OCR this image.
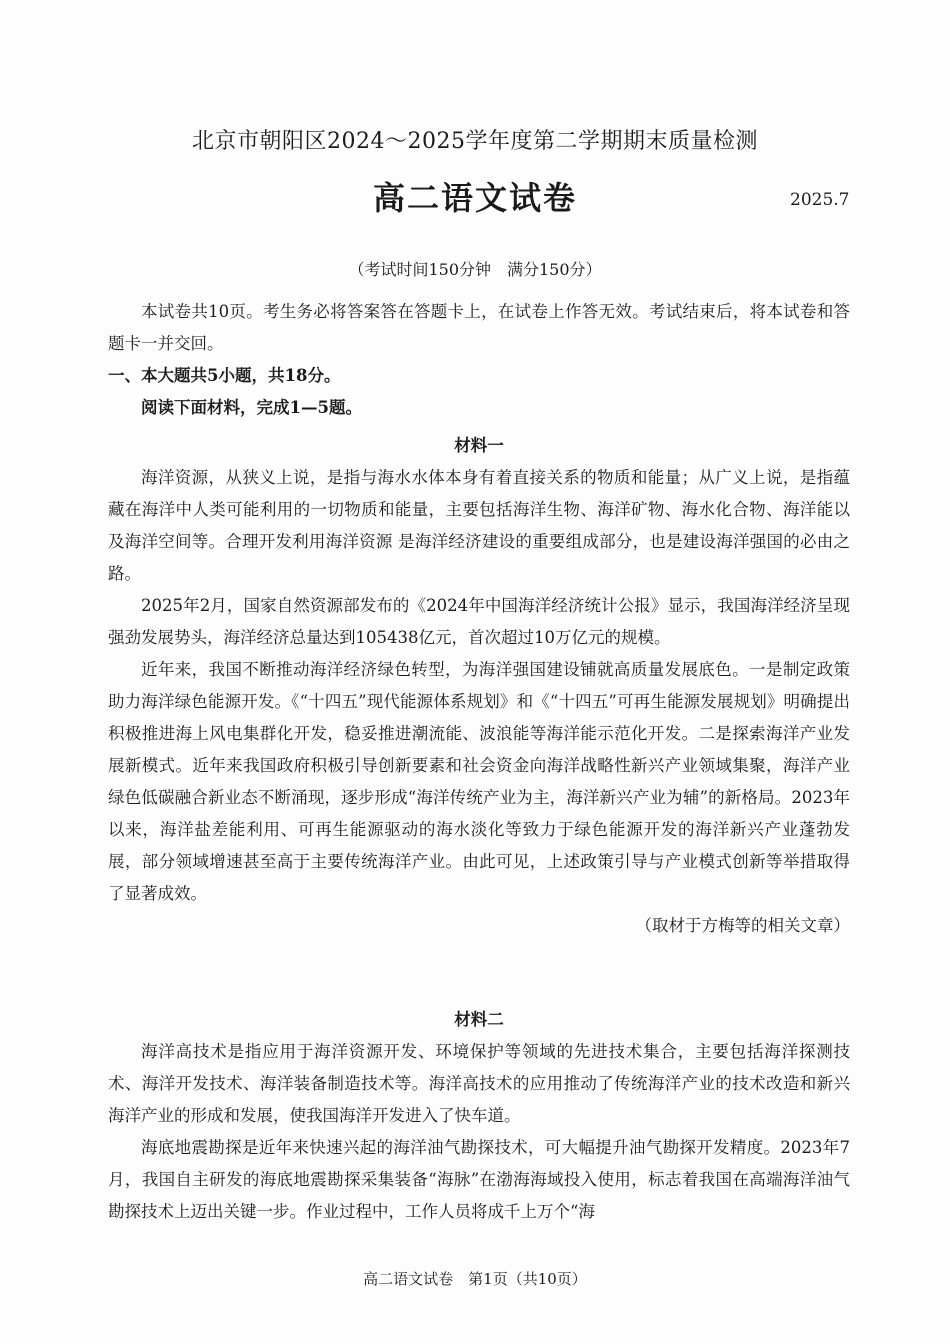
北京市朝阳区2024～2025学年度第二学期期末质量检测
高二语文试卷	2025.7
（考试时间150分钟　满分150分）

本试卷共10页。考生务必将答案答在答题卡上，在试卷上作答无效。考试结束后，将本试卷和答题卡一并交回。

一、本大题共5小题，共18分。

阅读下面材料，完成1—5题。

材料一

海洋资源，从狭义上说，是指与海水水体本身有着直接关系的物质和能量；从广义上说，是指蕴藏在海洋中人类可能利用的一切物质和能量，主要包括海洋生物、海洋矿物、海水化合物、海洋能以及海洋空间等。合理开发利用海洋资源 是海洋经济建设的重要组成部分，也是建设海洋强国的必由之路。

2025年2月，国家自然资源部发布的《2024年中国海洋经济统计公报》显示，我国海洋经济呈现强劲发展势头，海洋经济总量达到105438亿元，首次超过10万亿元的规模。

近年来，我国不断推动海洋经济绿色转型，为海洋强国建设铺就高质量发展底色。一是制定政策助力海洋绿色能源开发。《“十四五”现代能源体系规划》和《“十四五”可再生能源发展规划》明确提出积极推进海上风电集群化开发，稳妥推进潮流能、波浪能等海洋能示范化开发。二是探索海洋产业发展新模式。近年来我国政府积极引导创新要素和社会资金向海洋战略性新兴产业领域集聚，海洋产业绿色低碳融合新业态不断涌现，逐步形成“海洋传统产业为主，海洋新兴产业为辅”的新格局。2023年以来，海洋盐差能利用、可再生能源驱动的海水淡化等致力于绿色能源开发的海洋新兴产业蓬勃发展，部分领域增速甚至高于主要传统海洋产业。由此可见，上述政策引导与产业模式创新等举措取得了显著成效。

（取材于方梅等的相关文章）

材料二

海洋高技术是指应用于海洋资源开发、环境保护等领域的先进技术集合，主要包括海洋探测技术、海洋开发技术、海洋装备制造技术等。海洋高技术的应用推动了传统海洋产业的技术改造和新兴海洋产业的形成和发展，使我国海洋开发进入了快车道。

海底地震勘探是近年来快速兴起的海洋油气勘探技术，可大幅提升油气勘探开发精度。2023年7月，我国自主研发的海底地震勘探采集装备“海脉”在渤海海域投入使用，标志着我国在高端海洋油气勘探技术上迈出关键一步。作业过程中，工作人员将成千上万个“海

高二语文试卷　第1页（共10页）
